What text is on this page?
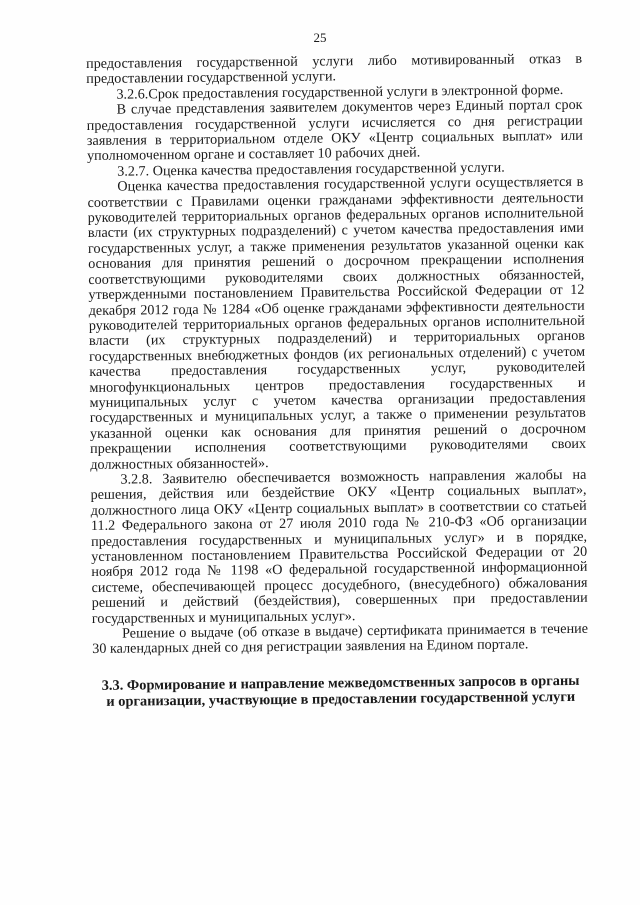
25

предоставления государственной услуги либо мотивированный отказ в предоставлении государственной услуги.

3.2.6.Срок предоставления государственной услуги в электронной форме.

В случае представления заявителем документов через Единый портал срок предоставления государственной услуги исчисляется со дня регистрации заявления в территориальном отделе ОКУ «Центр социальных выплат» или уполномоченном органе и составляет 10 рабочих дней.

3.2.7. Оценка качества предоставления государственной услуги.

Оценка качества предоставления государственной услуги осуществляется в соответствии с Правилами оценки гражданами эффективности деятельности руководителей территориальных органов федеральных органов исполнительной власти (их структурных подразделений) с учетом качества предоставления ими государственных услуг, а также применения результатов указанной оценки как основания для принятия решений о досрочном прекращении исполнения соответствующими руководителями своих должностных обязанностей, утвержденными постановлением Правительства Российской Федерации от 12 декабря 2012 года № 1284 «Об оценке гражданами эффективности деятельности руководителей территориальных органов федеральных органов исполнительной власти (их структурных подразделений) и территориальных органов государственных внебюджетных фондов (их региональных отделений) с учетом качества предоставления государственных услуг, руководителей многофункциональных центров предоставления государственных и муниципальных услуг с учетом качества организации предоставления государственных и муниципальных услуг, а также о применении результатов указанной оценки как основания для принятия решений о досрочном прекращении исполнения соответствующими руководителями своих должностных обязанностей».

3.2.8. Заявителю обеспечивается возможность направления жалобы на решения, действия или бездействие ОКУ «Центр социальных выплат», должностного лица ОКУ «Центр социальных выплат» в соответствии со статьей 11.2 Федерального закона от 27 июля 2010 года № 210-ФЗ «Об организации предоставления государственных и муниципальных услуг» и в порядке, установленном постановлением Правительства Российской Федерации от 20 ноября 2012 года № 1198 «О федеральной государственной информационной системе, обеспечивающей процесс досудебного, (внесудебного) обжалования решений и действий (бездействия), совершенных при предоставлении государственных и муниципальных услуг».

Решение о выдаче (об отказе в выдаче) сертификата принимается в течение 30 календарных дней со дня регистрации заявления на Едином портале.

3.3. Формирование и направление межведомственных запросов в органы и организации, участвующие в предоставлении государственной услуги
